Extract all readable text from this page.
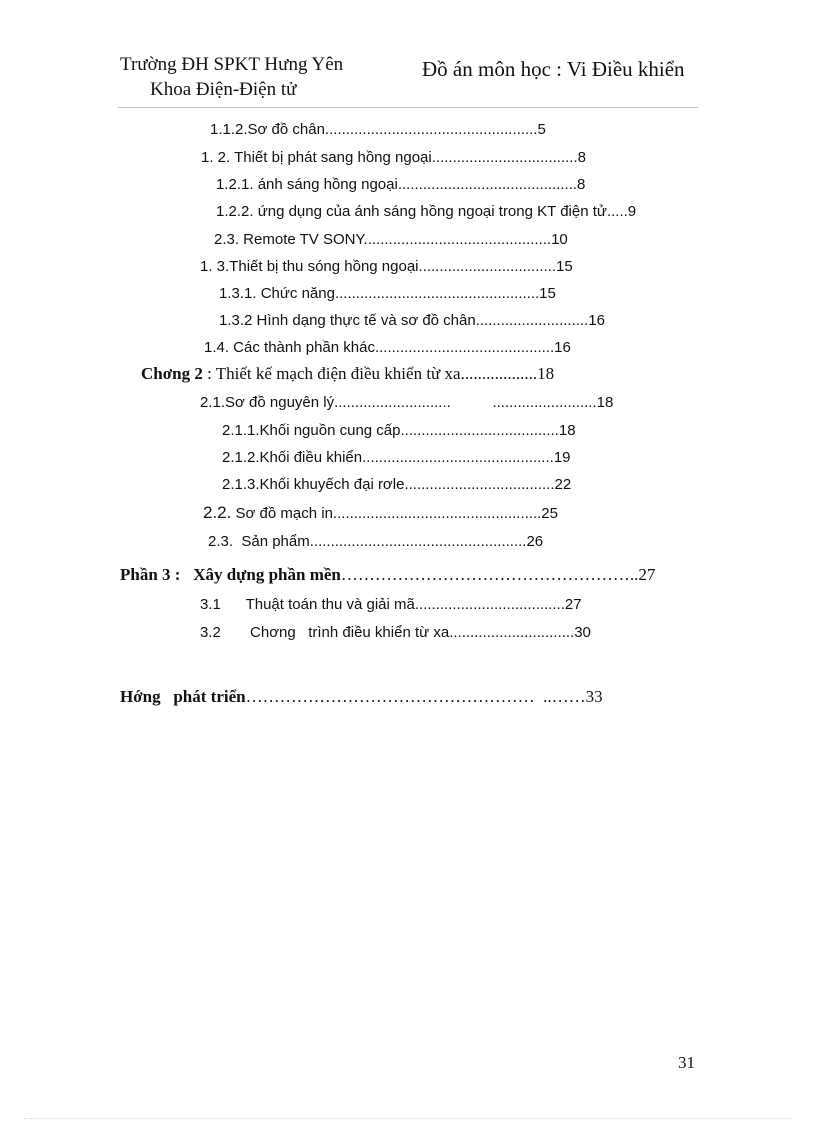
Trường ĐH SPKT Hưng Yên
Khoa Điện-Điện tử
Đồ án môn học : Vi Điều khiển
1.1.2.Sơ đồ chân...................................................5
1. 2. Thiết bị phát sang hồng ngoại...................................8
1.2.1. ánh sáng hồng ngoại...........................................8
1.2.2. ứng dụng của ánh sáng hồng ngoại trong KT điện tử.....9
2.3. Remote TV SONY.............................................10
1. 3.Thiết bị thu sóng hồng ngoại.................................15
1.3.1. Chức năng.................................................15
1.3.2 Hình dạng thực tế và sơ đồ chân...........................16
1.4. Các thành phần khác...........................................16
Chơng 2 : Thiết kế mạch điện điều khiển từ xa..................18
2.1.Sơ đồ nguyên lý............................          .........................18
2.1.1.Khối nguồn cung cấp......................................18
2.1.2.Khối điều khiển..............................................19
2.1.3.Khối khuyếch đại rơle....................................22
2.2. Sơ đồ mạch in..................................................25
2.3.  Sản phẩm....................................................26
Phần 3 :   Xây dựng phần mền……………………………………………..27
3.1      Thuật toán thu và giải mã....................................27
3.2       Chơng   trình điều khiển từ xa..............................30
Hớng   phát triển……………………………………………  ..……33
31
